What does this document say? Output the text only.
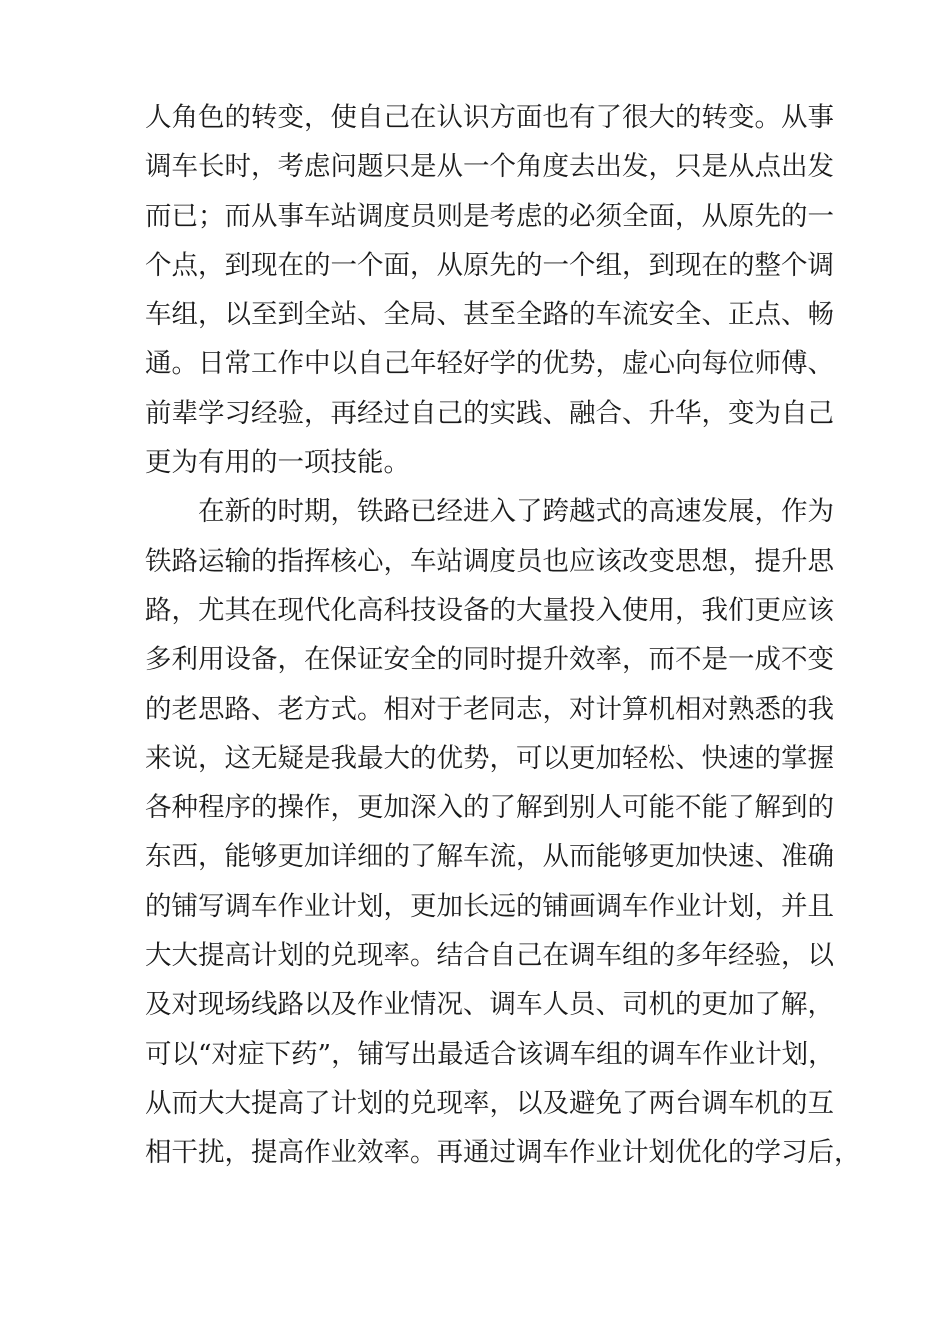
人角色的转变，使自己在认识方面也有了很大的转变。从事
调车长时，考虑问题只是从一个角度去出发，只是从点出发
而已；而从事车站调度员则是考虑的必须全面，从原先的一
个点，到现在的一个面，从原先的一个组，到现在的整个调
车组，以至到全站、全局、甚至全路的车流安全、正点、畅
通。日常工作中以自己年轻好学的优势，虚心向每位师傅、
前辈学习经验，再经过自己的实践、融合、升华，变为自己
更为有用的一项技能。
在新的时期，铁路已经进入了跨越式的高速发展，作为
铁路运输的指挥核心，车站调度员也应该改变思想，提升思
路，尤其在现代化高科技设备的大量投入使用，我们更应该
多利用设备，在保证安全的同时提升效率，而不是一成不变
的老思路、老方式。相对于老同志，对计算机相对熟悉的我
来说，这无疑是我最大的优势，可以更加轻松、快速的掌握
各种程序的操作，更加深入的了解到别人可能不能了解到的
东西，能够更加详细的了解车流，从而能够更加快速、准确
的铺写调车作业计划，更加长远的铺画调车作业计划，并且
大大提高计划的兑现率。结合自己在调车组的多年经验，以
及对现场线路以及作业情况、调车人员、司机的更加了解，
可以“对症下药”，铺写出最适合该调车组的调车作业计划，
从而大大提高了计划的兑现率，以及避免了两台调车机的互
相干扰，提高作业效率。再通过调车作业计划优化的学习后，
